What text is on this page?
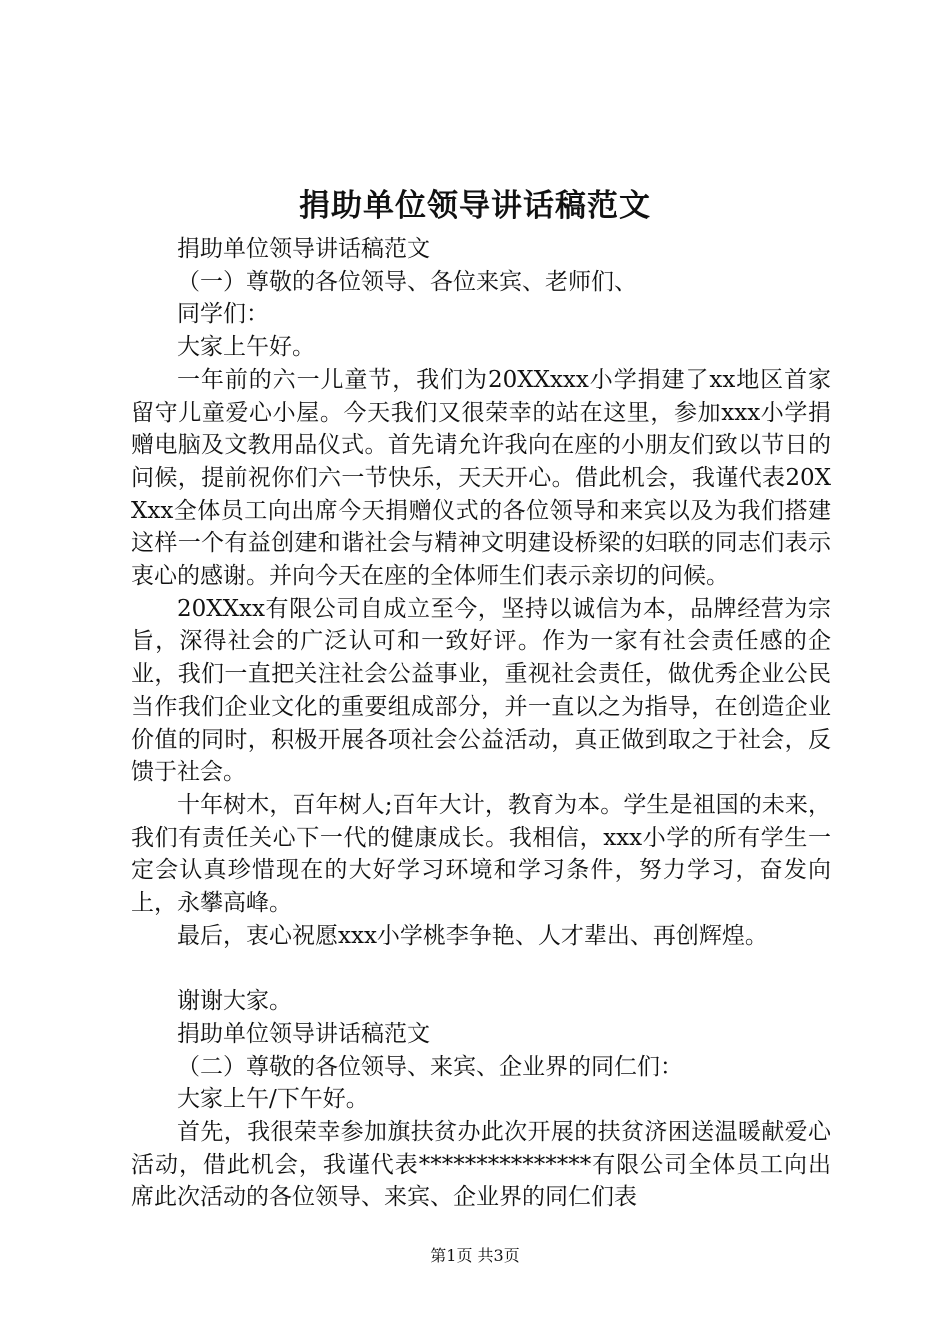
捐助单位领导讲话稿范文

捐助单位领导讲话稿范文

（一）尊敬的各位领导、各位来宾、老师们、

同学们：

大家上午好。

一年前的六一儿童节，我们为20XXxxx小学捐建了xx地区首家留守儿童爱心小屋。今天我们又很荣幸的站在这里，参加xxx小学捐赠电脑及文教用品仪式。首先请允许我向在座的小朋友们致以节日的问候，提前祝你们六一节快乐，天天开心。借此机会，我谨代表20XXxx全体员工向出席今天捐赠仪式的各位领导和来宾以及为我们搭建这样一个有益创建和谐社会与精神文明建设桥梁的妇联的同志们表示衷心的感谢。并向今天在座的全体师生们表示亲切的问候。

20XXxx有限公司自成立至今，坚持以诚信为本，品牌经营为宗旨，深得社会的广泛认可和一致好评。作为一家有社会责任感的企业，我们一直把关注社会公益事业，重视社会责任，做优秀企业公民当作我们企业文化的重要组成部分，并一直以之为指导，在创造企业价值的同时，积极开展各项社会公益活动，真正做到取之于社会，反馈于社会。

十年树木，百年树人;百年大计，教育为本。学生是祖国的未来，我们有责任关心下一代的健康成长。我相信，xxx小学的所有学生一定会认真珍惜现在的大好学习环境和学习条件，努力学习，奋发向上，永攀高峰。

最后，衷心祝愿xxx小学桃李争艳、人才辈出、再创辉煌。

谢谢大家。

捐助单位领导讲话稿范文

（二）尊敬的各位领导、来宾、企业界的同仁们：

大家上午/下午好。

首先，我很荣幸参加旗扶贫办此次开展的扶贫济困送温暖献爱心活动，借此机会，我谨代表***************有限公司全体员工向出席此次活动的各位领导、来宾、企业界的同仁们表

第1页 共3页
